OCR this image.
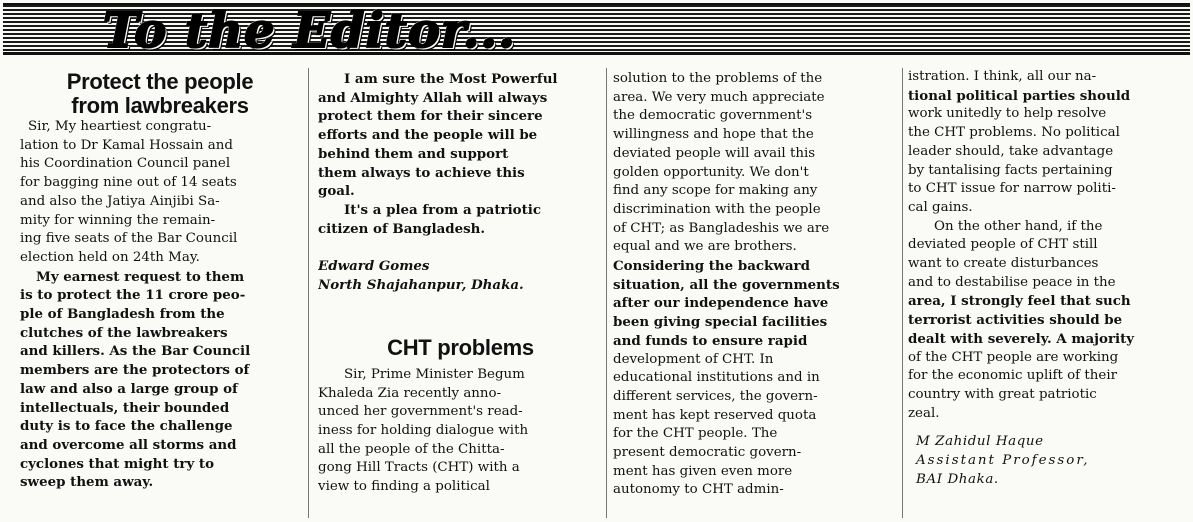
To the Editor...
Protect the people
from lawbreakers
Sir, My heartiest congratu-
lation to Dr Kamal Hossain and
his Coordination Council panel
for bagging nine out of 14 seats
and also the Jatiya Ainjibi Sa-
mity for winning the remain-
ing five seats of the Bar Council
election held on 24th May.
My earnest request to them
is to protect the 11 crore peo-
ple of Bangladesh from the
clutches of the lawbreakers
and killers. As the Bar Council
members are the protectors of
law and also a large group of
intellectuals, their bounded
duty is to face the challenge
and overcome all storms and
cyclones that might try to
sweep them away.
I am sure the Most Powerful
and Almighty Allah will always
protect them for their sincere
efforts and the people will be
behind them and support
them always to achieve this
goal.
It's a plea from a patriotic
citizen of Bangladesh.
Edward Gomes
North Shajahanpur, Dhaka.
CHT problems
Sir, Prime Minister Begum
Khaleda Zia recently anno-
unced her government's read-
iness for holding dialogue with
all the people of the Chitta-
gong Hill Tracts (CHT) with a
view to finding a political
solution to the problems of the
area. We very much appreciate
the democratic government's
willingness and hope that the
deviated people will avail this
golden opportunity. We don't
find any scope for making any
discrimination with the people
of CHT; as Bangladeshis we are
equal and we are brothers.
Considering the backward
situation, all the governments
after our independence have
been giving special facilities
and funds to ensure rapid
development of CHT. In
educational institutions and in
different services, the govern-
ment has kept reserved quota
for the CHT people. The
present democratic govern-
ment has given even more
autonomy to CHT admin-
istration. I think, all our na-
tional political parties should
work unitedly to help resolve
the CHT problems. No political
leader should, take advantage
by tantalising facts pertaining
to CHT issue for narrow politi-
cal gains.
On the other hand, if the
deviated people of CHT still
want to create disturbances
and to destabilise peace in the
area, I strongly feel that such
terrorist activities should be
dealt with severely. A majority
of the CHT people are working
for the economic uplift of their
country with great patriotic
zeal.
M Zahidul Haque
Assistant Professor,
BAI Dhaka.
